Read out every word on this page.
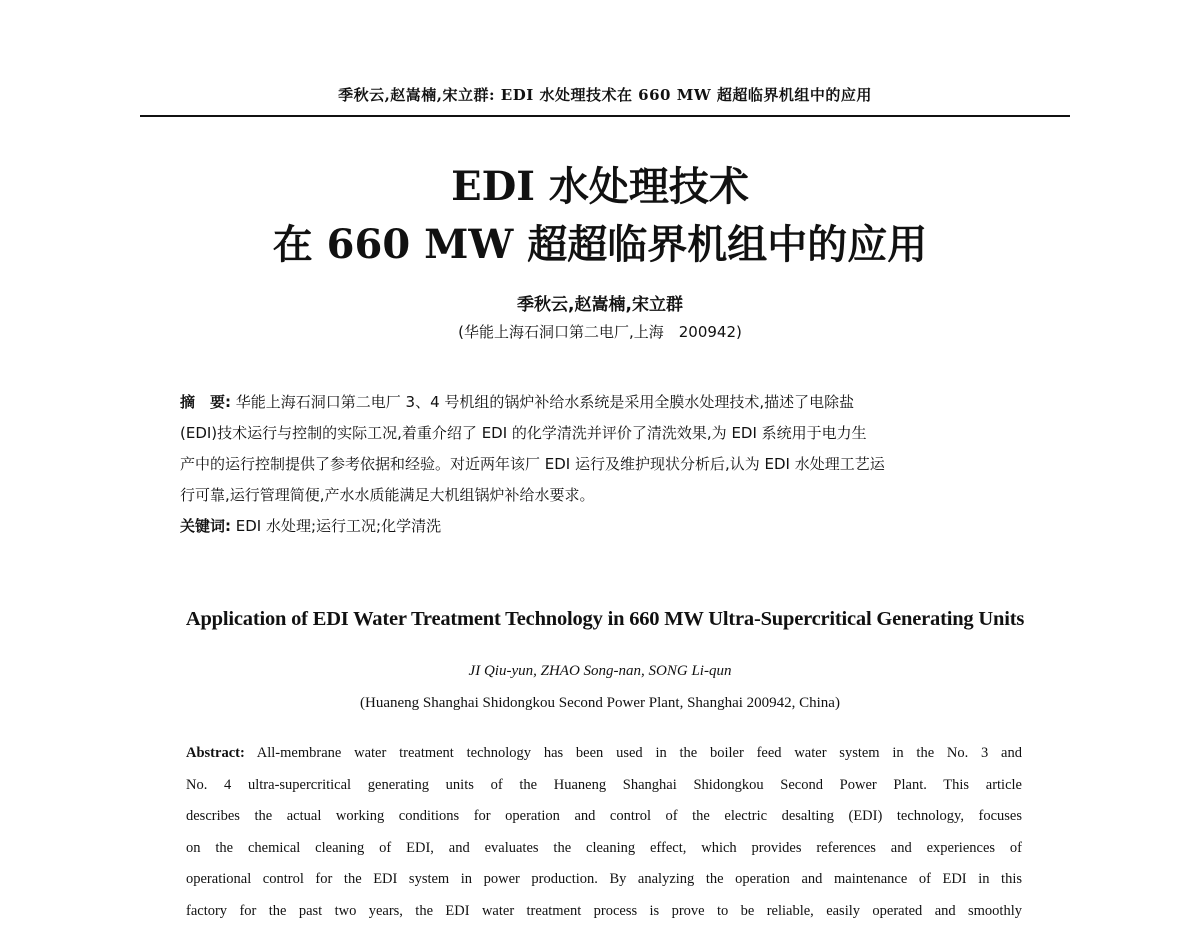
季秋云,赵嵩楠,宋立群: EDI 水处理技术在 660 MW 超超临界机组中的应用
EDI 水处理技术
在 660 MW 超超临界机组中的应用
季秋云,赵嵩楠,宋立群
(华能上海石洞口第二电厂,上海　200942)

摘　要: 华能上海石洞口第二电厂 3、4 号机组的锅炉补给水系统是采用全膜水处理技术,描述了电除盐

(EDI)技术运行与控制的实际工况,着重介绍了 EDI 的化学清洗并评价了清洗效果,为 EDI 系统用于电力生

产中的运行控制提供了参考依据和经验。对近两年该厂 EDI 运行及维护现状分析后,认为 EDI 水处理工艺运

行可靠,运行管理简便,产水水质能满足大机组锅炉补给水要求。

关键词: EDI 水处理;运行工况;化学清洗

Application of EDI Water Treatment Technology in 660 MW Ultra-Supercritical Generating Units
JI Qiu-yun, ZHAO Song-nan, SONG Li-qun
(Huaneng Shanghai Shidongkou Second Power Plant, Shanghai 200942, China)

Abstract: All-membrane water treatment technology has been used in the boiler feed water system in the No. 3 and

No. 4 ultra-supercritical generating units of the Huaneng Shanghai Shidongkou Second Power Plant. This article

describes the actual working conditions for operation and control of the electric desalting (EDI) technology, focuses

on the chemical cleaning of EDI, and evaluates the cleaning effect, which provides references and experiences of

operational control for the EDI system in power production. By analyzing the operation and maintenance of EDI in this

factory for the past two years, the EDI water treatment process is prove to be reliable, easily operated and smoothly
